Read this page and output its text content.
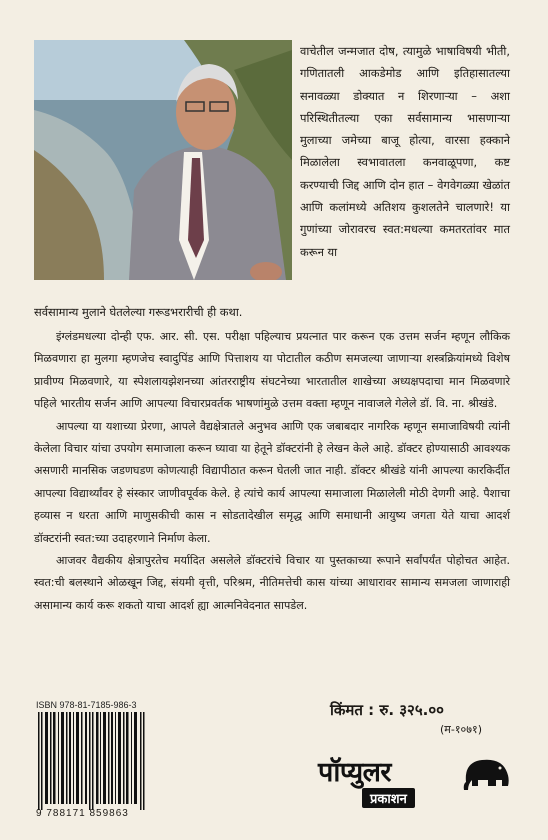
वाचेतील जन्मजात दोष, त्यामुळे भाषाविषयी भीती, गणितातली आकडेमोड आणि इतिहासातल्या सनावळ्या डोक्यात न शिरणाऱ्या – अशा परिस्थितीतल्या एका सर्वसामान्य भासणाऱ्या मुलाच्या जमेच्या बाजू होत्या, वारसा हक्काने मिळालेला स्वभावातला कनवाळूपणा, कष्ट करण्याची जिद्द आणि दोन हात – वेगवेगळ्या खेळांत आणि कलांमध्ये अतिशय कुशलतेने चालणारे! या गुणांच्या जोरावरच स्वत:मधल्या कमतरतांवर मात करून या
सर्वसामान्य मुलाने घेतलेल्या गरूडभरारीची ही कथा.

इंग्लंडमधल्या दोन्ही एफ. आर. सी. एस. परीक्षा पहिल्याच प्रयत्नात पार करून एक उत्तम सर्जन म्हणून लौकिक मिळवणारा हा मुलगा म्हणजेच स्वादुपिंड आणि पित्ताशय या पोटातील कठीण समजल्या जाणाऱ्या शस्त्रक्रियांमध्ये विशेष प्रावीण्य मिळवणारे, या स्पेशलायझेशनच्या आंतरराष्ट्रीय संघटनेच्या भारतातील शाखेच्या अध्यक्षपदाचा मान मिळवणारे पहिले भारतीय सर्जन आणि आपल्या विचारप्रवर्तक भाषणांमुळे उत्तम वक्ता म्हणून नावाजले गेलेले डॉ. वि. ना. श्रीखंडे.

आपल्या या यशाच्या प्रेरणा, आपले वैद्यक्षेत्रातले अनुभव आणि एक जबाबदार नागरिक म्हणून समाजाविषयी त्यांनी केलेला विचार यांचा उपयोग समाजाला करून घ्यावा या हेतूने डॉक्टरांनी हे लेखन केले आहे. डॉक्टर होण्यासाठी आवश्यक असणारी मानसिक जडणघडण कोणत्याही विद्यापीठात करून घेतली जात नाही. डॉक्टर श्रीखंडे यांनी आपल्या कारकिर्दीत आपल्या विद्यार्थ्यांवर हे संस्कार जाणीवपूर्वक केले. हे त्यांचे कार्य आपल्या समाजाला मिळालेली मोठी देणगी आहे. पैशाचा हव्यास न धरता आणि माणुसकीची कास न सोडतादेखील समृद्ध आणि समाधानी आयुष्य जगता येते याचा आदर्श डॉक्टरांनी स्वत:च्या उदाहरणाने निर्माण केला.

आजवर वैद्यकीय क्षेत्रापुरतेच मर्यादित असलेले डॉक्टरांचे विचार या पुस्तकाच्या रूपाने सर्वांपर्यंत पोहोचत आहेत. स्वत:ची बलस्थाने ओळखून जिद्द, संयमी वृत्ती, परिश्रम, नीतिमत्तेची कास यांच्या आधारावर सामान्य समजला जाणाराही असामान्य कार्य करू शकतो याचा आदर्श ह्या आत्मनिवेदनात सापडेल.

ISBN 978-81-7185-986-3
9 788171 859863
किंमत : रु. ३२५.००
(म-१०७१)
पॉप्युलर
प्रकाशन
